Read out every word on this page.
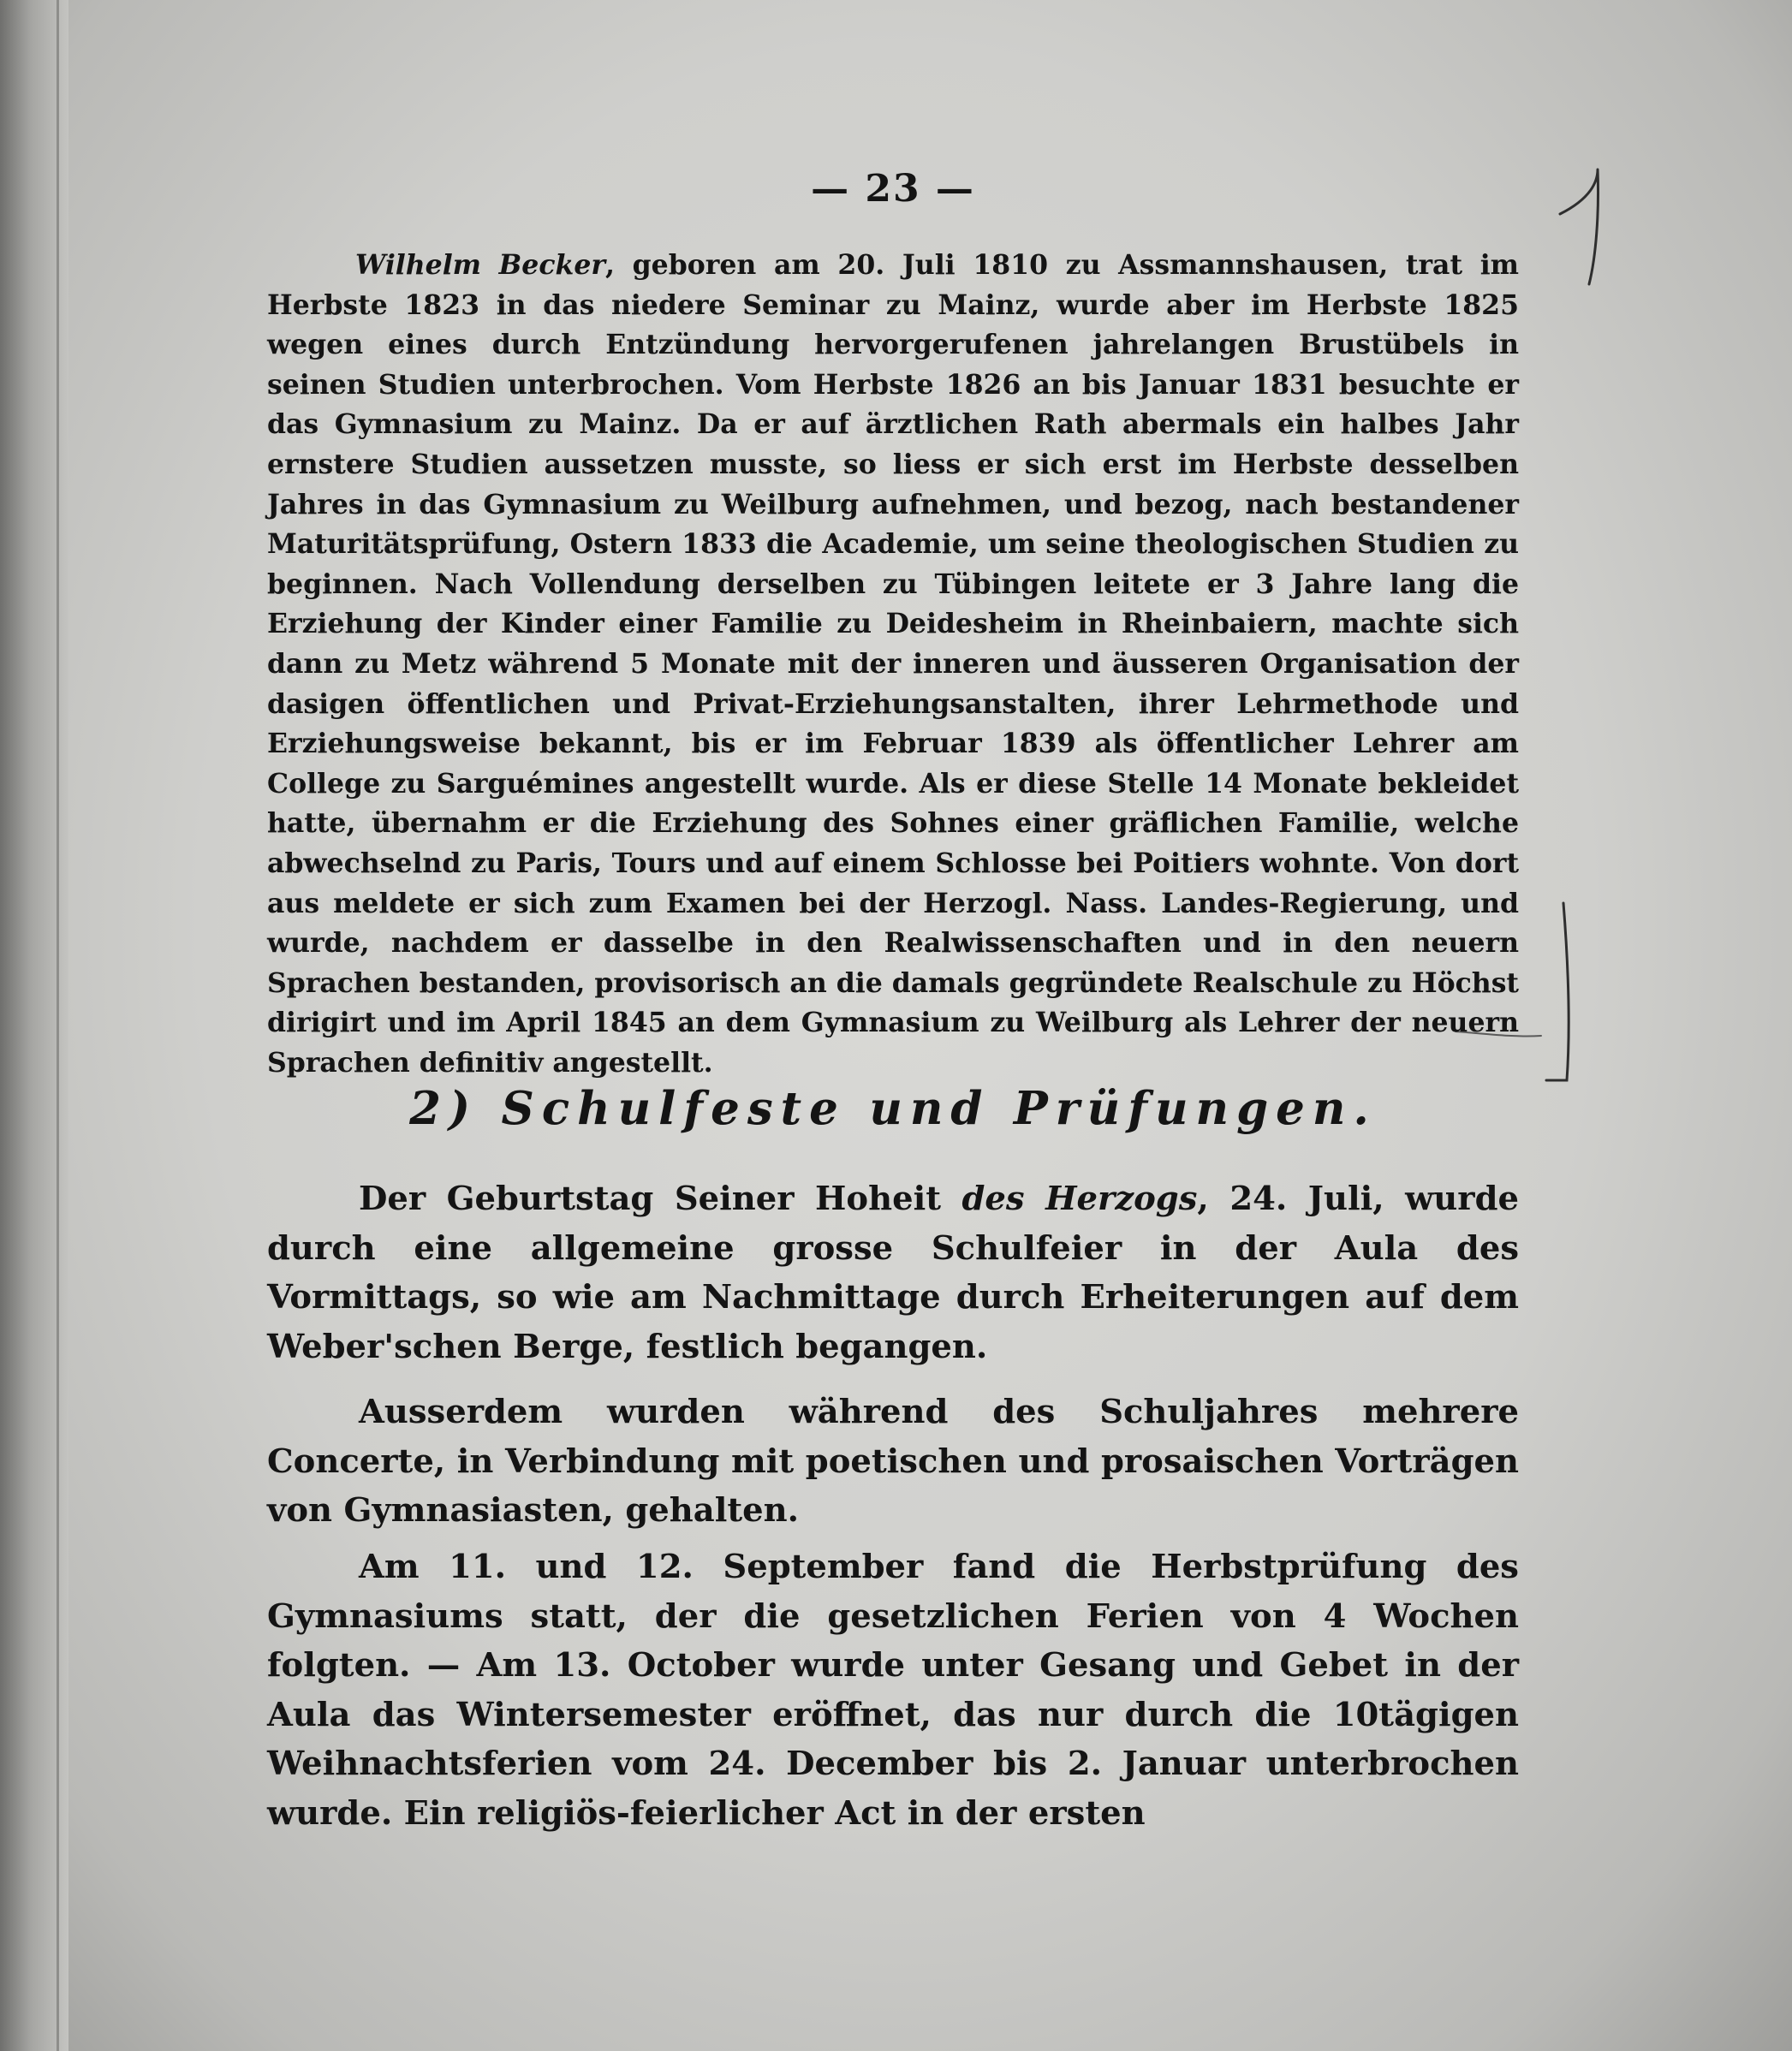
— 23 —

Wilhelm Becker, geboren am 20. Juli 1810 zu Assmannshausen, trat im Herbste 1823 in das niedere Seminar zu Mainz, wurde aber im Herbste 1825 wegen eines durch Entzündung hervorgerufenen jahrelangen Brustübels in seinen Studien unterbrochen. Vom Herbste 1826 an bis Januar 1831 besuchte er das Gymnasium zu Mainz. Da er auf ärztlichen Rath abermals ein halbes Jahr ernstere Studien aussetzen musste, so liess er sich erst im Herbste desselben Jahres in das Gymnasium zu Weilburg aufnehmen, und bezog, nach bestandener Maturitätsprüfung, Ostern 1833 die Academie, um seine theologischen Studien zu beginnen. Nach Vollendung derselben zu Tübingen leitete er 3 Jahre lang die Erziehung der Kinder einer Familie zu Deidesheim in Rheinbaiern, machte sich dann zu Metz während 5 Monate mit der inneren und äusseren Organisation der dasigen öffentlichen und Privat-Erziehungsanstalten, ihrer Lehrmethode und Erziehungsweise bekannt, bis er im Februar 1839 als öffentlicher Lehrer am College zu Sarguémines angestellt wurde. Als er diese Stelle 14 Monate bekleidet hatte, übernahm er die Erziehung des Sohnes einer gräflichen Familie, welche abwechselnd zu Paris, Tours und auf einem Schlosse bei Poitiers wohnte. Von dort aus meldete er sich zum Examen bei der Herzogl. Nass. Landes-Regierung, und wurde, nachdem er dasselbe in den Realwissenschaften und in den neuern Sprachen bestanden, provisorisch an die damals gegründete Realschule zu Höchst dirigirt und im April 1845 an dem Gymnasium zu Weilburg als Lehrer der neuern Sprachen definitiv angestellt.

2) Schulfeste und Prüfungen.

Der Geburtstag Seiner Hoheit des Herzogs, 24. Juli, wurde durch eine allgemeine grosse Schulfeier in der Aula des Vormittags, so wie am Nachmittage durch Erheiterungen auf dem Weber'schen Berge, festlich begangen.

Ausserdem wurden während des Schuljahres mehrere Concerte, in Verbindung mit poetischen und prosaischen Vorträgen von Gymnasiasten, gehalten.

Am 11. und 12. September fand die Herbstprüfung des Gymnasiums statt, der die gesetzlichen Ferien von 4 Wochen folgten. — Am 13. October wurde unter Gesang und Gebet in der Aula das Wintersemester eröffnet, das nur durch die 10tägigen Weihnachtsferien vom 24. December bis 2. Januar unterbrochen wurde. Ein religiös-feierlicher Act in der ersten
